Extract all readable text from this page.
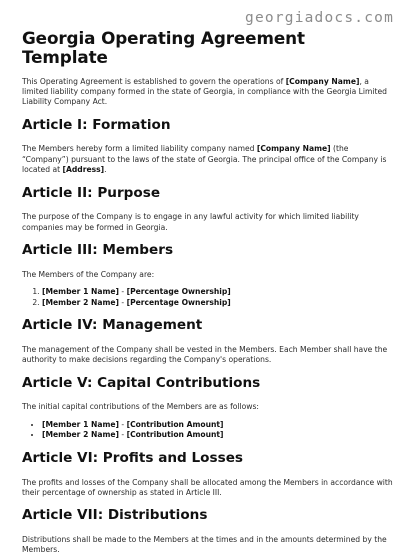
georgiadocs.com
Georgia Operating Agreement Template

This Operating Agreement is established to govern the operations of [Company Name], a limited liability company formed in the state of Georgia, in compliance with the Georgia Limited Liability Company Act.

Article I: Formation

The Members hereby form a limited liability company named [Company Name] (the “Company”) pursuant to the laws of the state of Georgia. The principal office of the Company is located at [Address].

Article II: Purpose

The purpose of the Company is to engage in any lawful activity for which limited liability companies may be formed in Georgia.

Article III: Members

The Members of the Company are:

1. [Member 1 Name] - [Percentage Ownership]
2. [Member 2 Name] - [Percentage Ownership]
Article IV: Management

The management of the Company shall be vested in the Members. Each Member shall have the authority to make decisions regarding the Company's operations.

Article V: Capital Contributions

The initial capital contributions of the Members are as follows:

• [Member 1 Name] - [Contribution Amount]
• [Member 2 Name] - [Contribution Amount]
Article VI: Profits and Losses

The profits and losses of the Company shall be allocated among the Members in accordance with their percentage of ownership as stated in Article III.

Article VII: Distributions

Distributions shall be made to the Members at the times and in the amounts determined by the Members.
